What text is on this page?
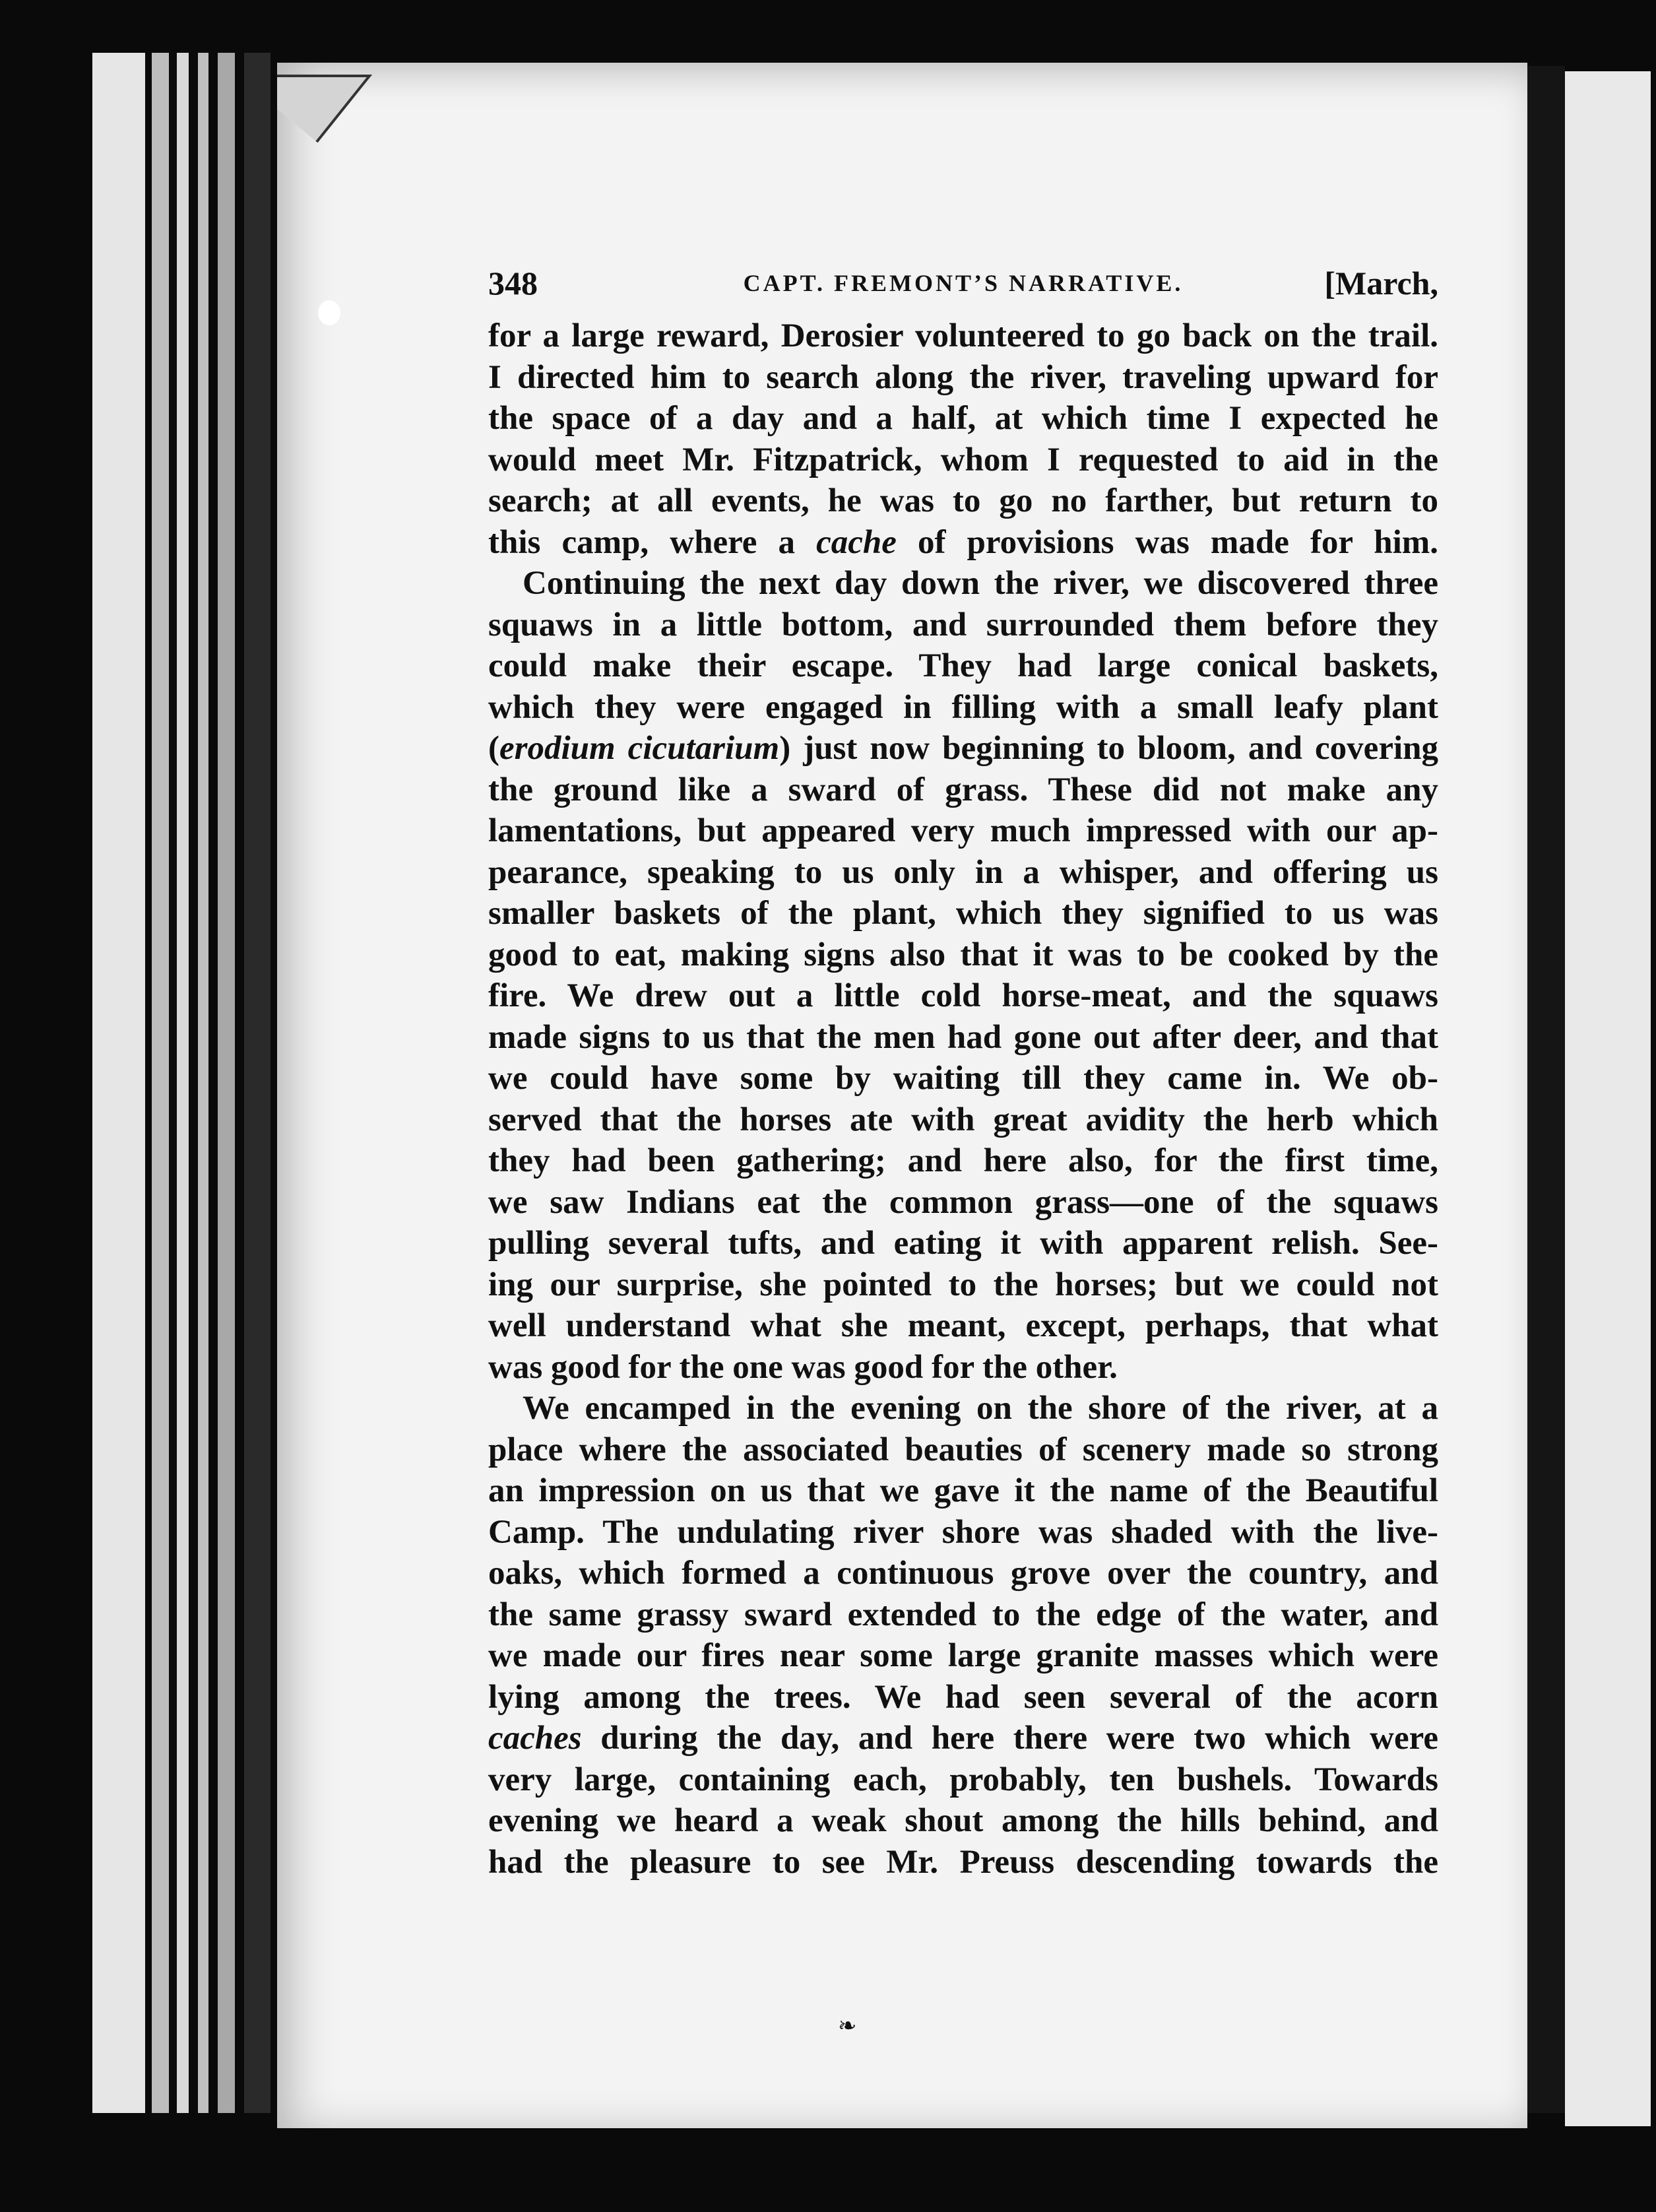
348	CAPT. FREMONT’S NARRATIVE.	[March,
for a large reward, Derosier volunteered to go back on the trail.
I directed him to search along the river, traveling upward for
the space of a day and a half, at which time I expected he
would meet Mr. Fitzpatrick, whom I requested to aid in the
search; at all events, he was to go no farther, but return to
this camp, where a cache of provisions was made for him.
Continuing the next day down the river, we discovered three
squaws in a little bottom, and surrounded them before they
could make their escape. They had large conical baskets,
which they were engaged in filling with a small leafy plant
(erodium cicutarium) just now beginning to bloom, and covering
the ground like a sward of grass. These did not make any
lamentations, but appeared very much impressed with our ap-
pearance, speaking to us only in a whisper, and offering us
smaller baskets of the plant, which they signified to us was
good to eat, making signs also that it was to be cooked by the
fire. We drew out a little cold horse-meat, and the squaws
made signs to us that the men had gone out after deer, and that
we could have some by waiting till they came in. We ob-
served that the horses ate with great avidity the herb which
they had been gathering; and here also, for the first time,
we saw Indians eat the common grass—one of the squaws
pulling several tufts, and eating it with apparent relish. See-
ing our surprise, she pointed to the horses; but we could not
well understand what she meant, except, perhaps, that what
was good for the one was good for the other.
We encamped in the evening on the shore of the river, at a
place where the associated beauties of scenery made so strong
an impression on us that we gave it the name of the Beautiful
Camp. The undulating river shore was shaded with the live-
oaks, which formed a continuous grove over the country, and
the same grassy sward extended to the edge of the water, and
we made our fires near some large granite masses which were
lying among the trees. We had seen several of the acorn
caches during the day, and here there were two which were
very large, containing each, probably, ten bushels. Towards
evening we heard a weak shout among the hills behind, and
had the pleasure to see Mr. Preuss descending towards the
❧
